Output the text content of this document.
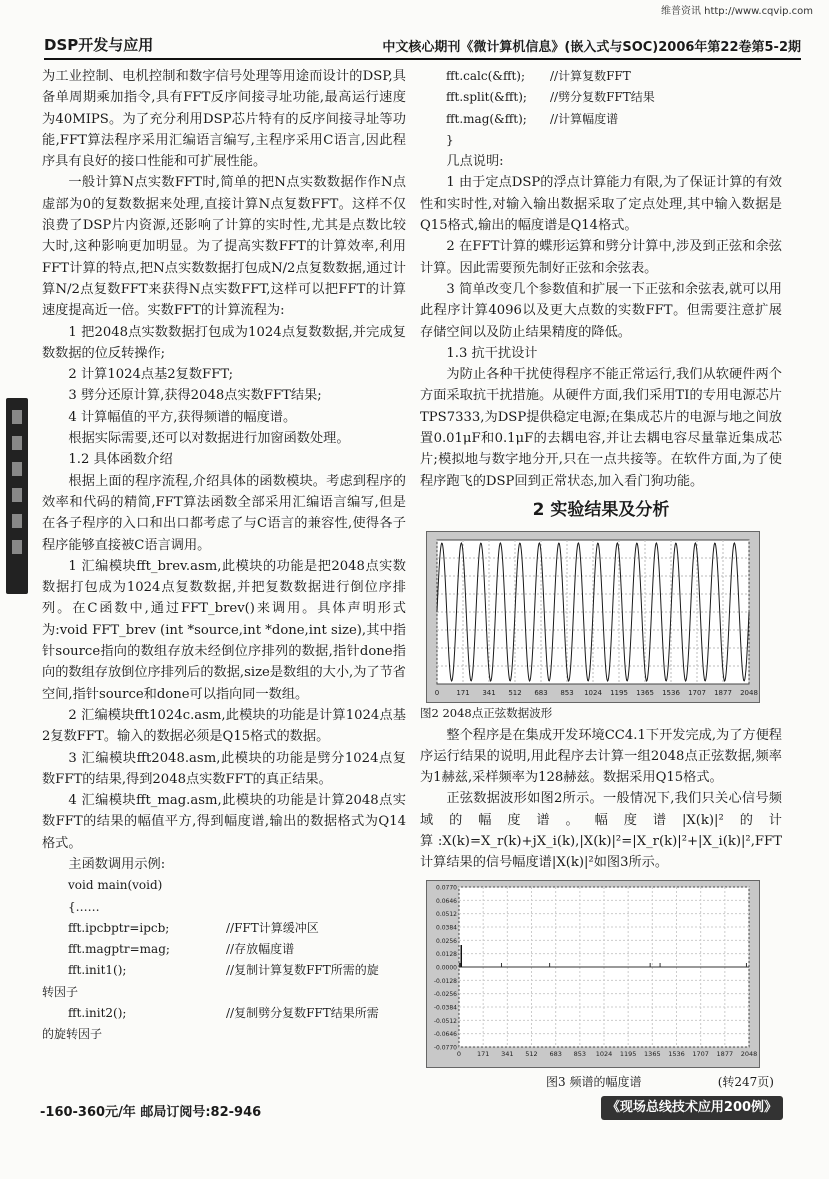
维普资讯 http://www.cqvip.com
DSP开发与应用	中文核心期刊《微计算机信息》(嵌入式与SOC)2006年第22卷第5-2期

为工业控制、电机控制和数字信号处理等用途而设计的DSP,具备单周期乘加指令,具有FFT反序间接寻址功能,最高运行速度为40MIPS。为了充分利用DSP芯片特有的反序间接寻址等功能,FFT算法程序采用汇编语言编写,主程序采用C语言,因此程序具有良好的接口性能和可扩展性能。

一般计算N点实数FFT时,简单的把N点实数数据作作N点虚部为0的复数数据来处理,直接计算N点复数FFT。这样不仅浪费了DSP片内资源,还影响了计算的实时性,尤其是点数比较大时,这种影响更加明显。为了提高实数FFT的计算效率,利用FFT计算的特点,把N点实数数据打包成N/2点复数数据,通过计算N/2点复数FFT来获得N点实数FFT,这样可以把FFT的计算速度提高近一倍。实数FFT的计算流程为:

1 把2048点实数数据打包成为1024点复数数据,并完成复数数据的位反转操作;

2 计算1024点基2复数FFT;

3 劈分还原计算,获得2048点实数FFT结果;

4 计算幅值的平方,获得频谱的幅度谱。

根据实际需要,还可以对数据进行加窗函数处理。

1.2 具体函数介绍

根据上面的程序流程,介绍具体的函数模块。考虑到程序的效率和代码的精简,FFT算法函数全部采用汇编语言编写,但是在各子程序的入口和出口都考虑了与C语言的兼容性,使得各子程序能够直接被C语言调用。

1 汇编模块fft_brev.asm,此模块的功能是把2048点实数数据打包成为1024点复数数据,并把复数数据进行倒位序排列。在C函数中,通过FFT_brev()来调用。具体声明形式为:void FFT_brev (int *source,int *done,int size),其中指针source指向的数组存放未经倒位序排列的数据,指针done指向的数组存放倒位序排列后的数据,size是数组的大小,为了节省空间,指针source和done可以指向同一数组。

2 汇编模块fft1024c.asm,此模块的功能是计算1024点基2复数FFT。输入的数据必须是Q15格式的数据。

3 汇编模块fft2048.asm,此模块的功能是劈分1024点复数FFT的结果,得到2048点实数FFT的真正结果。

4 汇编模块fft_mag.asm,此模块的功能是计算2048点实数FFT的结果的幅值平方,得到幅度谱,输出的数据格式为Q14格式。

主函数调用示例:

void main(void)
{……
fft.ipcbptr=ipcb;	//FFT计算缓冲区
fft.magptr=mag;	//存放幅度谱
fft.init1();	//复制计算复数FFT所需的旋
转因子
fft.init2();	//复制劈分复数FFT结果所需
的旋转因子
fft.calc(&fft); //计算复数FFT
fft.split(&fft); //劈分复数FFT结果
fft.mag(&fft); //计算幅度谱
}

几点说明:

1 由于定点DSP的浮点计算能力有限,为了保证计算的有效性和实时性,对输入输出数据采取了定点处理,其中输入数据是Q15格式,输出的幅度谱是Q14格式。

2 在FFT计算的蝶形运算和劈分计算中,涉及到正弦和余弦计算。因此需要预先制好正弦和余弦表。

3 简单改变几个参数值和扩展一下正弦和余弦表,就可以用此程序计算4096以及更大点数的实数FFT。但需要注意扩展存储空间以及防止结果精度的降低。

1.3 抗干扰设计

为防止各种干扰使得程序不能正常运行,我们从软硬件两个方面采取抗干扰措施。从硬件方面,我们采用TI的专用电源芯片TPS7333,为DSP提供稳定电源;在集成芯片的电源与地之间放置0.01μF和0.1μF的去耦电容,并让去耦电容尽量靠近集成芯片;模拟地与数字地分开,只在一点共接等。在软件方面,为了使程序跑飞的DSP回到正常状态,加入看门狗功能。

2 实验结果及分析
0 171 341 512 683 853 1024 1195 1365 1536 1707 1877 2048

图2 2048点正弦数据波形

整个程序是在集成开发环境CC4.1下开发完成,为了方便程序运行结果的说明,用此程序去计算一组2048点正弦数据,频率为1赫兹,采样频率为128赫兹。数据采用Q15格式。

正弦数据波形如图2所示。一般情况下,我们只关心信号频域的幅度谱。幅度谱|X(k)|²的计算:X(k)=X_r(k)+jX_i(k),|X(k)|²=|X_r(k)|²+|X_i(k)|²,FFT计算结果的信号幅度谱|X(k)|²如图3所示。

0.0770
0.0646
0.0512
0.0384
0.0256
0.0128
0.0000
-0.0128
-0.0256
-0.0384
-0.0512
-0.0646
-0.0770
0 171 341 512 683 853 1024 1195 1365 1536 1707 1877 2048
图3 频谱的幅度谱	(转247页)
-160-360元/年 邮局订阅号:82-946	《现场总线技术应用200例》
